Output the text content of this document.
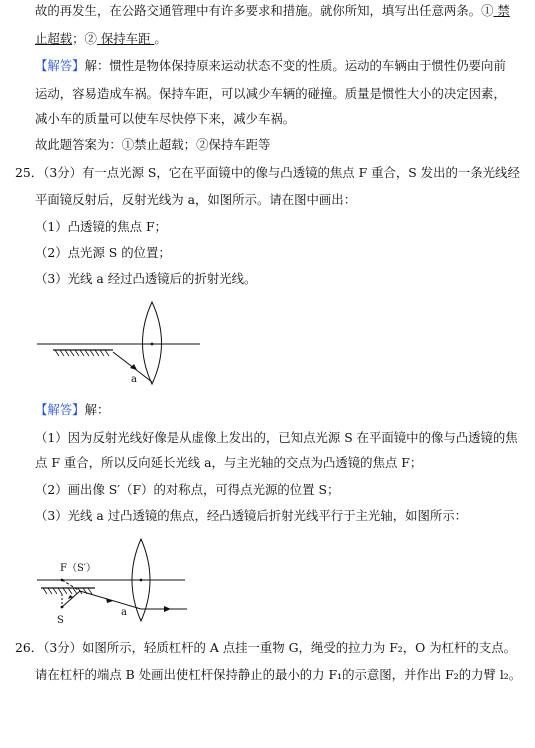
故的再发生，在公路交通管理中有许多要求和措施。就你所知，填写出任意两条。① 禁
止超载；② 保持车距 。
【解答】解：惯性是物体保持原来运动状态不变的性质。运动的车辆由于惯性仍要向前
运动，容易造成车祸。保持车距，可以减少车辆的碰撞。质量是惯性大小的决定因素，
减小车的质量可以使车尽快停下来，减少车祸。
故此题答案为：①禁止超载；②保持车距等
25．（3分）有一点光源 S，它在平面镜中的像与凸透镜的焦点 F 重合，S 发出的一条光线经
平面镜反射后，反射光线为 a，如图所示。请在图中画出：
（1）凸透镜的焦点 F；
（2）点光源 S 的位置；
（3）光线 a 经过凸透镜后的折射光线。
a
【解答】解：
（1）因为反射光线好像是从虚像上发出的，已知点光源 S 在平面镜中的像与凸透镜的焦
点 F 重合，所以反向延长光线 a，与主光轴的交点为凸透镜的焦点 F；
（2）画出像 S′（F）的对称点，可得点光源的位置 S；
（3）光线 a 过凸透镜的焦点，经凸透镜后折射光线平行于主光轴，如图所示：
F（S′）
S
a
26．（3分）如图所示，轻质杠杆的 A 点挂一重物 G，绳受的拉力为 F₂，O 为杠杆的支点。
请在杠杆的端点 B 处画出使杠杆保持静止的最小的力 F₁的示意图，并作出 F₂的力臂 l₂。
